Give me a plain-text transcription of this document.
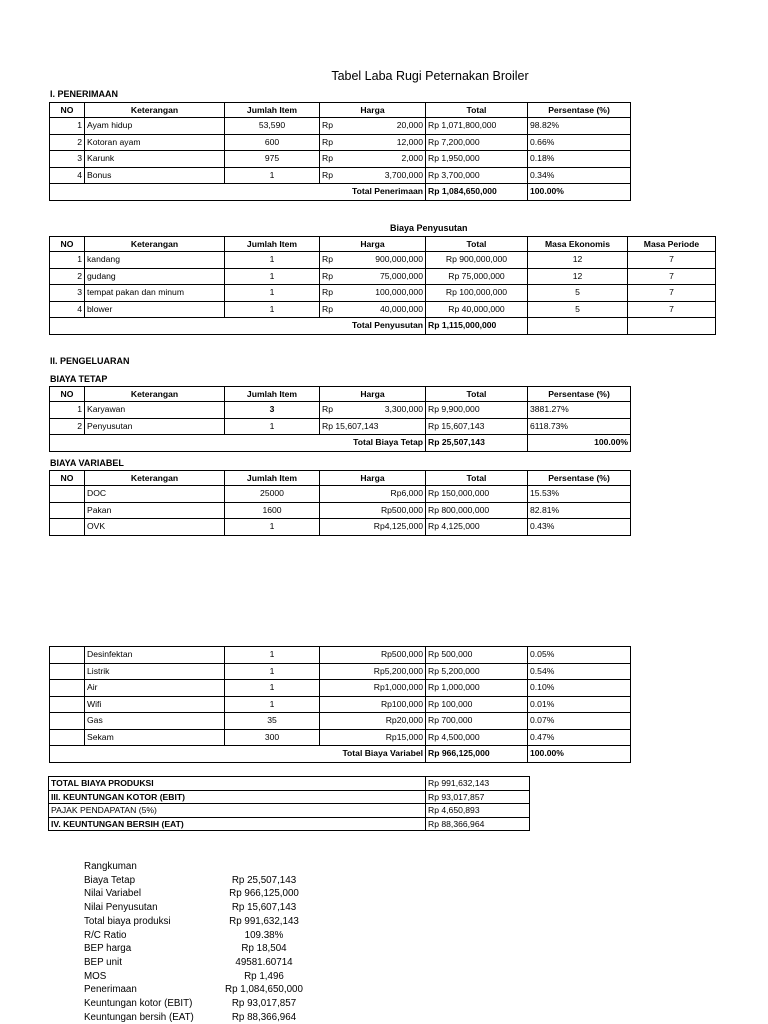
Tabel Laba Rugi Peternakan Broiler
I. PENERIMAAN
NO	Keterangan	Jumlah Item	Harga	Total	Persentase (%)
1	Ayam hidup	53,590	Rp 20,000	Rp 1,071,800,000	98.82%
2	Kotoran ayam	600	Rp 12,000	Rp 7,200,000	0.66%
3	Karunk	975	Rp 2,000	Rp 1,950,000	0.18%
4	Bonus	1	Rp 3,700,000	Rp 3,700,000	0.34%
Total Penerimaan				Rp 1,084,650,000	100.00%
Biaya Penyusutan
NO	Keterangan	Jumlah Item	Harga	Total	Masa Ekonomis	Masa Periode
1	kandang	1	Rp 900,000,000	Rp 900,000,000	12	7
2	gudang	1	Rp 75,000,000	Rp 75,000,000	12	7
3	tempat pakan dan minum	1	Rp 100,000,000	Rp 100,000,000	5	7
4	blower	1	Rp 40,000,000	Rp 40,000,000	5	7
Total Penyusutan				Rp 1,115,000,000		
II. PENGELUARAN
BIAYA TETAP
NO	Keterangan	Jumlah Item	Harga	Total	Persentase (%)
1	Karyawan	3	Rp 3,300,000	Rp 9,900,000	3881.27%
2	Penyusutan	1	Rp 15,607,143	Rp 15,607,143	6118.73%
Total Biaya Tetap				Rp 25,507,143	100.00%
BIAYA VARIABEL
NO	Keterangan	Jumlah Item	Harga	Total	Persentase (%)
	DOC	25000	Rp6,000	Rp 150,000,000	15.53%
	Pakan	1600	Rp500,000	Rp 800,000,000	82.81%
	OVK	1	Rp4,125,000	Rp 4,125,000	0.43%
	Desinfektan	1	Rp500,000	Rp 500,000	0.05%
	Listrik	1	Rp5,200,000	Rp 5,200,000	0.54%
	Air	1	Rp1,000,000	Rp 1,000,000	0.10%
	Wifi	1	Rp100,000	Rp 100,000	0.01%
	Gas	35	Rp20,000	Rp 700,000	0.07%
	Sekam	300	Rp15,000	Rp 4,500,000	0.47%
Total Biaya Variabel				Rp 966,125,000	100.00%
TOTAL BIAYA PRODUKSI	Rp 991,632,143
III. KEUNTUNGAN KOTOR (EBIT)	Rp 93,017,857
PAJAK PENDAPATAN (5%)	Rp 4,650,893
IV. KEUNTUNGAN BERSIH (EAT)	Rp 88,366,964
Rangkuman
Biaya Tetap	Rp 25,507,143
Nilai Variabel	Rp 966,125,000
Nilai Penyusutan	Rp 15,607,143
Total biaya produksi	Rp 991,632,143
R/C Ratio	109.38%
BEP harga	Rp 18,504
BEP unit	49581.60714
MOS	Rp 1,496
Penerimaan	Rp 1,084,650,000
Keuntungan kotor (EBIT)	Rp 93,017,857
Keuntungan bersih (EAT)	Rp 88,366,964
